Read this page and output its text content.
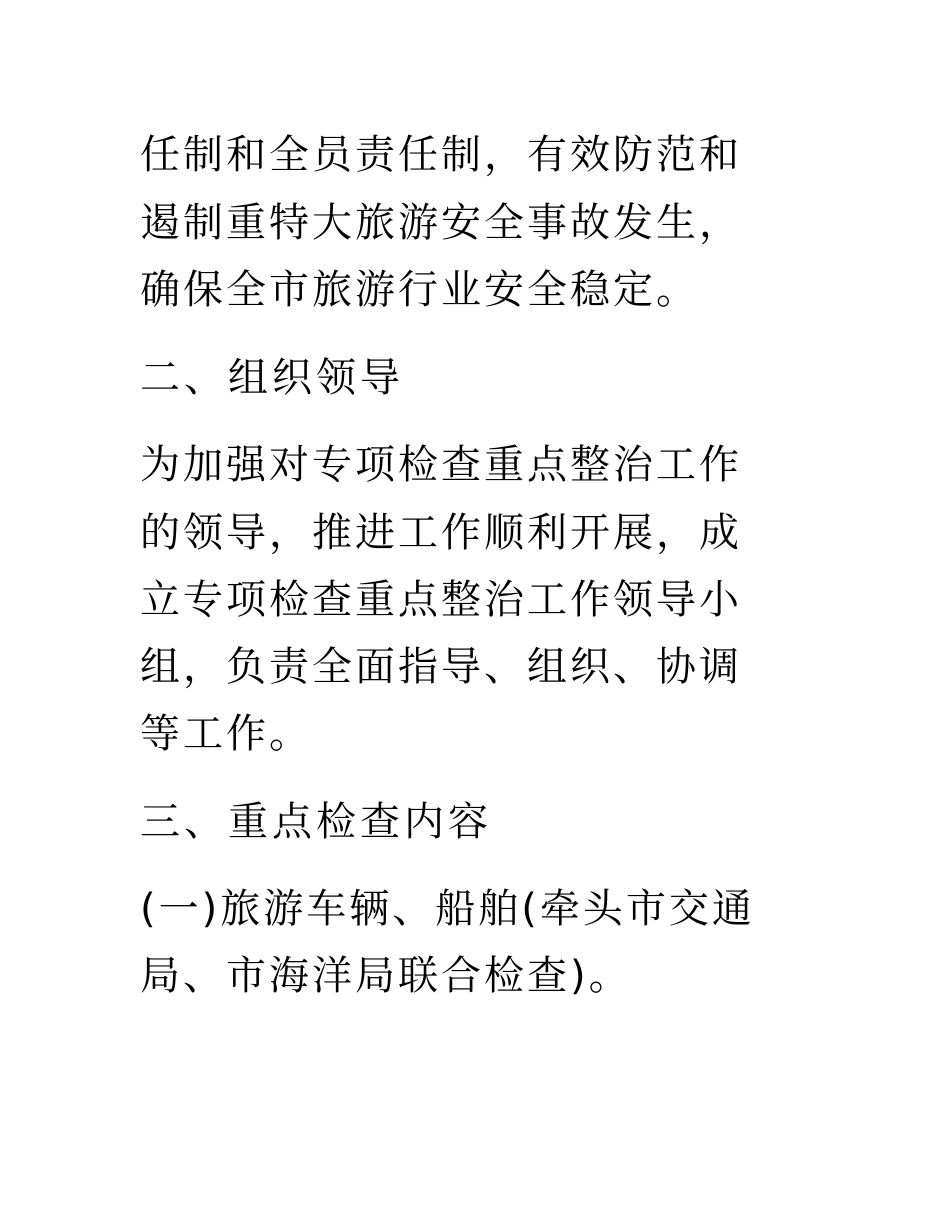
任制和全员责任制，有效防范和
遏制重特大旅游安全事故发生，
确保全市旅游行业安全稳定。
二、组织领导
为加强对专项检查重点整治工作
的领导，推进工作顺利开展，成
立专项检查重点整治工作领导小
组，负责全面指导、组织、协调
等工作。
三、重点检查内容
(一)旅游车辆、船舶(牵头市交通
局、市海洋局联合检查)。
